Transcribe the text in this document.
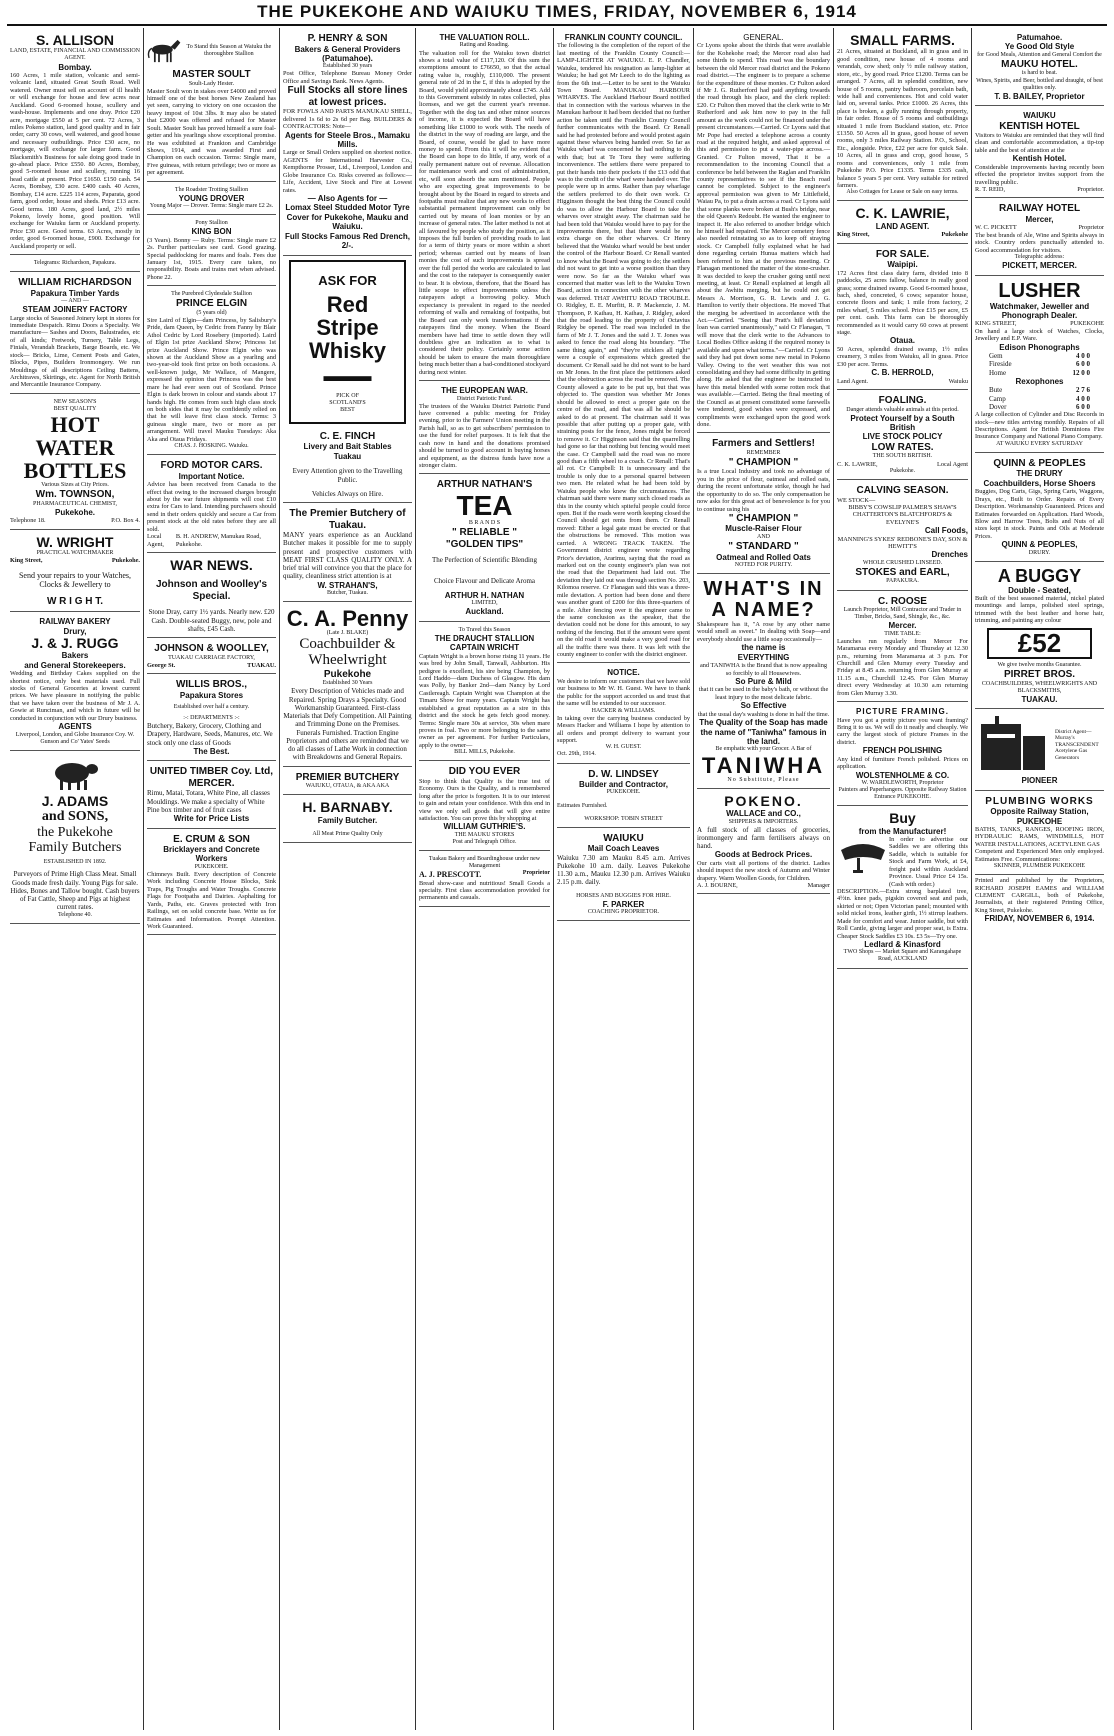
THE PUKEKOHE AND WAIUKU TIMES, FRIDAY, NOVEMBER 6, 1914
S. ALLISON
LAND, ESTATE, FINANCIAL AND COMMISSION AGENT.
Bombay.
160 Acres, 1 mile station, volcanic and semi-volcanic land, situated Great South Road. Well watered. Owner must sell on account of ill health or will exchange for house and few acres near Auckland. Good 6-roomed house, scullery and wash-house. Implements and one dray. Price £20 acre, mortgage £550 at 5 per cent. 72 Acres, 3 miles Pokeno station, land good quality and in fair order, carry 30 cows, well watered, and good house and necessary outbuildings. Price £30 acre, no mortgage, will exchange for larger farm. Good Blacksmith's Business for sale doing good trade in go-ahead place. Price £550. 80 Acres, Bombay, good 5-roomed house and scullery, running 16 head cattle at present. Price £1650. £150 cash. 54 Acres, Bombay, £30 acre. £400 cash. 40 Acres, Bombay, £14 acre. £225 114 acres, Paparata, good farm, good order, house and sheds. Price £13 acre. Good terms. 180 Acres, good land, 2½ miles Pokeno, lovely home, good position. Will exchange for Waiuku farm or Auckland property. Price £30 acre. Good terms. 63 Acres, mostly in order, good 6-roomed house, £900. Exchange for Auckland property or sell.
Telegrams: Richardson, Papakura.
WILLIAM RICHARDSON
Papakura Timber Yards
— AND —
STEAM JOINERY FACTORY
Large stocks of Seasoned Joinery kept in stores for immediate Despatch. Rimu Doors a Specialty. We manufacture— Sashes and Doors, Balustrades, etc of all kinds; Fretwork, Turnery, Table Legs, Finials, Verandah Brackets, Barge Boards, etc. We stock— Bricks, Lime, Cement Posts and Gates, Blocks, Pipes, Builders Ironmongery. We run Mouldings of all descriptions Ceiling Battens, Architraves, Skirtings, etc. Agent for North British and Mercantile Insurance Company.
NEW SEASON'S
BEST QUALITY
HOT
WATER
BOTTLES
Various Sizes at City Prices.
Wm. TOWNSON,
PHARMACEUTICAL CHEMIST,
Pukekohe.
Telephone 18.	P.O. Box 4.
W. WRIGHT
PRACTICAL WATCHMAKER
King Street,	Pukekohe.
Send your repairs to your Watches, Clocks & Jewellery to
W R I G H T.
RAILWAY BAKERY
Drury,
J. & J. RUGG
Bakers
and General Storekeepers.
Wedding and Birthday Cakes supplied on the shortest notice, only best materials used. Full stocks of General Groceries at lowest current prices. We have pleasure in notifying the public that we have taken over the business of Mr J. A. Gowie at Runciman, and which in future will be conducted in conjunction with our Drury business.
AGENTS
Liverpool, London, and Globe Insurance Coy. W. Gunson and Co' Yates' Seeds
J. ADAMS
and SONS,
the Pukekohe
Family Butchers
ESTABLISHED IN 1892.
Purveyors of Prime High Class Meat. Small Goods made fresh daily. Young Pigs for sale. Hides, Bones and Tallow bought. Cash buyers of Fat Cattle, Sheep and Pigs at highest current rates.
Telephone 40.
To Stand this Season at Waiuku the thoroughbre Stallion
MASTER SOULT
Soult-Lady Hester.
Master Soult won in stakes over £4000 and proved himself one of the best horses New Zealand has yet seen, carrying to victory on one occasion the heavy impost of 10st 3lbs. It may also be stated that £2000 was offered and refused for Master Soult. Master Soult has proved himself a sure foal-getter and his yearlings show exceptional promise. He was exhibited at Frankton and Cambridge Shows, 1914, and was awarded First and Champion on each occasion. Terms: Single mare, Five guineas, with return privilege; two or more as per agreement.
The Roadster Trotting Stallion
YOUNG DROVER
Young Major — Drover. Terms: Single mare £2 2s.
Pony Stallion
KING BON
(3 Years). Bonny — Ruby. Terms: Single mare £2 2s. Further particulars see card. Good grazing. Special paddocking for mares and foals. Fees due January 1st, 1915. Every care taken, no responsibility. Boats and trains met when advised. Phone 22.
The Purebred Clydesdale Stallion
PRINCE ELGIN
(5 years old)
Sire Laird of Elgin—dam Princess, by Salisbury's Pride, dam Queen, by Cedric from Fanny by Blair Athol Cedric by Lord Rosebery (imported). Laird of Elgin 1st prize Auckland Show; Princess 1st prize Auckland Show. Prince Elgin who was shown at the Auckland Show as a yearling and two-year-old took first prize on both occasions. A well-known judge, Mr Wallace, of Mangere, expressed the opinion that Princess was the best mare he had ever seen out of Scotland. Prince Elgin is dark brown in colour and stands about 17 hands high. He comes from such high class stock on both sides that it may be confidently relied on that he will leave first class stock. Terms: 3 guineas single mare, two or more as per arrangement. Will travel Mauku Tuesdays: Aka Aka and Otaua Fridays.
CHAS. J. HOSKING. Waiuku.
FORD MOTOR CARS.
Important Notice.
Advice has been received from Canada to the effect that owing to the increased charges brought about by the war future shipments will cost £10 extra for Cars to land. Intending purchasers should send in their orders quickly and secure a Car from present stock at the old rates before they are all sold.
Local Agent,
B. H. ANDREW, Manukau Road, Pukekohe.
WAR NEWS.
Johnson and Woolley's Special.
Stone Dray, carry 1½ yards. Nearly new. £20 Cash. Double-seated Buggy, new, pole and shafts, £45 Cash.
JOHNSON & WOOLLEY,
TUAKAU CARRIAGE FACTORY,
George St.	TUAKAU.
WILLIS BROS.,
Papakura Stores
Established over half a century.
:-: DEPARTMENTS :-:
Butchery, Bakery, Grocery, Clothing and Drapery, Hardware, Seeds, Manures, etc. We stock only one class of Goods
The Best.
UNITED TIMBER Coy. Ltd,
MERCER.
Rimu, Matai, Totara, White Pine, all classes Mouldings. We make a specialty of White Pine box timber and of fruit cases
Write for Price Lists
E. CRUM & SON
Bricklayers and Concrete Workers
PUKEKOHE.
Chimneys Built. Every description of Concrete Work including Concrete House Blocks, Sink Traps, Pig Troughs and Water Troughs. Concrete Flags for Footpaths and Dairies. Asphalting for Yards, Paths, etc. Graves protected with Iron Railings, set on solid concrete base. Write us for Estimates and Information. Prompt Attention. Work Guaranteed.
P. HENRY & SON
Bakers & General Providers
(Patumahoe).
Established 30 years
Post Office, Telephone Bureau Money Order Office and Savings Bank. News Agents.
Full Stocks all store lines at lowest prices.
FOR FOWLS AND PARTS MANUKAU SHELL, delivered 1s 6d to 2s 6d per Bag. BUILDERS & CONTRACTORS: Note—
Agents for Steele Bros., Mamaku Mills.
Large or Small Orders supplied on shortest notice. AGENTS for International Harvester Co., Kempthorne Prosser, Ltd., Liverpool, London and Globe Insurance Co. Risks covered as follows:—Life, Accident, Live Stock and Fire at Lowest rates.
— Also Agents for —
Lomax Steel Studded Motor Tyre Cover for Pukekohe, Mauku and Waiuku.
Full Stocks Famous Red Drench, 2/-.
ASK FOR
Red Stripe
Whisky
▬▬▬
PICK OF
SCOTLAND'S
BEST
C. E. FINCH
Livery and Bait Stables
Tuakau
Every Attention given to the Travelling Public.
Vehicles Always on Hire.
The Premier Butchery of Tuakau.
MANY years experience as an Auckland Butcher makes it possible for me to supply present and prospective customers with MEAT FIRST CLASS QUALITY ONLY. A brief trial will convince you that the place for quality, cleanliness strict attention is at
W. STRAHAN'S,
Butcher, Tuakau.
C. A. Penny
(Late J. BLAKE)
Coachbuilder & Wheelwright
Pukekohe
Established 30 Years
Every Description of Vehicles made and Repaired. Spring Drays a Specialty. Good Workmanship Guaranteed. First-class Materials that Defy Competition. All Painting and Trimming Done on the Premises. Funerals Furnished. Traction Engine Proprietors and others are reminded that we do all classes of Lathe Work in connection with Breakdowns and General Repairs.
PREMIER BUTCHERY
WAIUKU, OTAUA, & AKA AKA
H. BARNABY.
Family Butcher.
All Meat Prime Quality Only
THE VALUATION ROLL.
Rating and Roading.
The valuation roll for the Waiuku town district shows a total value of £117,120. Of this sum the exemptions amount to £76650, so that the actual rating value is, roughly, £110,000. The present general rate of 2d in the £, if this is adopted by the Board, would yield approximately about £745. Add to this Government subsidy in rates collected, plus licenses, and we get the current year's revenue. Together with the dog tax and other minor sources of income, it is expected the Board will have something like £1000 to work with. The needs of the district in the way of roading are large, and the Board, of course, would be glad to have more money to spend. From this it will be evident that the Board can hope to do little, if any, work of a really permanent nature out of revenue. Allocation for maintenance work and cost of administration, etc, will soon absorb the sum mentioned. People who are expecting great improvements to be brought about by the Board in regard to streets and footpaths must realize that any new works to effect substantial permanent improvement can only be carried out by means of loan monies or by an increase of general rates. The latter method is not at all favoured by people who study the position, as it imposes the full burden of providing roads to last for a term of thirty years or more within a short period; whereas carried out by means of loan monies the cost of such improvements is spread over the full period the works are calculated to last and the cost to the ratepayer is consequently easier to bear. It is obvious, therefore, that the Board has little scope to effect improvements unless the ratepayers adopt a borrowing policy. Much expectancy is prevalent in regard to the needed reforming of walls and remaking of footpaths, but the Board can only work transformations if the ratepayers find the money. When the Board members have had time to settle down they will doubtless give an indication as to what is considered their policy. Certainly some action should be taken to ensure the main thoroughfare being much better than a bad-conditioned stockyard during next winter.
THE EUROPEAN WAR.
District Patriotic Fund.
The trustees of the Waiuku District Patriotic Fund have convened a public meeting for Friday evening, prior to the Farmers' Union meeting in the Parish hall, so as to get subscribers' permission to use the fund for relief purposes. It is felt that the cash now in hand and the donations promised should be turned to good account in buying horses and equipment, as the distress funds have now a stronger claim.
ARTHUR NATHAN'S
TEA
B R A N D S
" RELIABLE "
"GOLDEN TIPS"
The Perfection of Scientific Blending
Choice Flavour and Delicate Aroma
ARTHUR H. NATHAN
LIMITED,
Auckland.
To Travel this Season
THE DRAUCHT STALLION
CAPTAIN WRICHT
Captain Wright is a brown horse rising 11 years. He was bred by John Small, Tanwall, Ashburton. His pedigree is excellent, his sire being Champion, by Lord Haddo—dam Duchess of Glasgow. His dam was Polly, by Banker 2nd—dam Nancy by Lord Castlereagh. Captain Wright was Champion at the Timaru Show for many years. Captain Wright has established a great reputation as a sire in this district and the stock he gets fetch good money. Terms: Single mare 30s at service, 30s when mare proves in foal. Two or more belonging to the same owner as per agreement. For further Particulars, apply to the owner—
BILL MILLS, Pukekohe.
DID YOU EVER
Stop to think that Quality is the true test of Economy. Ours is the Quality, and is remembered long after the price is forgotten. It is to our interest to gain and retain your confidence. With this end in view we only sell goods that will give entire satisfaction. You can prove this by shopping at
WILLIAM GUTHRIE'S.
THE MAUKU STORES
Post and Telegraph Office.
Tuakau Bakery and Boardinghouse under new Management
A. J. PRESCOTT.	Proprietor
Bread show-case and nutritious! Small Goods a specialty. First class accommodation provided for permanents and casuals.
FRANKLIN COUNTY COUNCIL.
The following is the completion of the report of the last meeting of the Franklin County Council:— LAMP-LIGHTER AT WAIUKU. E. P. Chandler, Waiuku, tendered his resignation as lamp-lighter at Waiuku; he had got Mr Leech to do the lighting as from the 6th inst.—Letter to be sent to the Waiuku Town Board. MANUKAU HARBOUR WHARVES. The Auckland Harbour Board notified that in connection with the various wharves in the Manukau harbour it had been decided that no further action be taken until the Franklin County Council further communicates with the Board. Cr Renall said he had protested before and would protest again against these wharves being handed over. So far as Waiuku wharf was concerned he had nothing to do with that; but at Te Toru they were suffering inconvenience. The settlers there were prepared to put their hands into their pockets if the £13 odd that was to the credit of the wharf were handed over. The people were up in arms. Rather than pay wharfage the settlers preferred to do their own work. Cr Higginson thought the best thing the Council could do was to allow the Harbour Board to take the wharves over straight away. The chairman said he had been told that Waiuku would have to pay for the improvements there, but that there would be no extra charge on the other wharves. Cr Henry believed that the Waiuku wharf would be best under the control of the Harbour Board. Cr Renall wanted to know what the Board was going to do; the settlers did not want to get into a worse position than they were now. So far as the Waiuku wharf was concerned that matter was left to the Waiuku Town Board, action in connection with the other wharves was deferred. THAT AWHITU ROAD TROUBLE. O. Ridgley, E. E. Murfitt, R. P. Mackenzie, J. M. Thompson, P. Kaihau, H. Kaihau, J. Ridgley, asked that the road leading to the property of Octavius Ridgley be opened. The road was included in the farm of Mr J. T. Jones and the said J. T. Jones was asked to fence the road along his boundary. "The same thing again," and "they're sticklers all right" were a couple of expressions which greeted the document. Cr Renall said he did not want to be hard on Mr Jones. In the first place the petitioners asked that the obstruction across the road be removed. The County allowed a gate to be put up, but that was objected to. The question was whether Mr Jones should be allowed to erect a proper gate on the centre of the road, and that was all he should be asked to do at present. The chairman said it was possible that after putting up a proper gate, with straining posts for the fence, Jones might be forced to remove it. Cr Higginson said that the quarrelling had gone so far that nothing but fencing would meet the case. Cr Campbell said the road was no more good than a fifth wheel to a coach. Cr Renall: That's all rot. Cr Campbell: It is unnecessary and the trouble is only due to a personal quarrel between two men. He related what he had been told by Waiuku people who knew the circumstances. The chairman said there were many such closed roads as this in the county which spiteful people could force open. But if the roads were worth keeping closed the Council should get rents from them. Cr Renall moved: Either a legal gate must be erected or that the obstructions be removed. This motion was carried. A WRONG TRACK TAKEN. The Government district engineer wrote regarding Price's deviation, Ararimu, saying that the road as marked out on the county engineer's plan was not the road that the Department had laid out. The deviation they laid out was through section No. 203, Kilomoa reserve. Cr Flanagan said this was a three-mile deviation. A portion had been done and there was another grant of £200 for this three-quarters of a mile. After fencing over it the engineer came to the same conclusion as the speaker, that the deviation could not be done for this amount, to say nothing of the fencing. But if the amount were spent on the old road it would make a very good road for all the traffic there was there. It was left with the county engineer to confer with the district engineer.
NOTICE.
We desire to inform our customers that we have sold our business to Mr W. H. Guest. We have to thank the public for the support accorded us and trust that the same will be extended to our successor.
HACKER & WILLIAMS.
In taking over the carrying business conducted by Messrs Hacker and Williams I hope by attention to all orders and prompt delivery to warrant your support.
W. H. GUEST.
Oct. 29th, 1914.
D. W. LINDSEY
Builder and Contractor,
PUKEKOHE.
Estimates Furnished.
WORKSHOP: TOBIN STREET
WAIUKU
Mail Coach Leaves
Waiuku 7.30 am Mauku 8.45 a.m. Arrives Pukekohe 10 a.m. daily. Leaves Pukekohe 11.30 a.m., Mauku 12.30 p.m. Arrives Waiuku 2.15 p.m. daily.
HORSES AND BUGGIES FOR HIRE.
F. PARKER
COACHING PROPRIETOR.
GENERAL.
Cr Lyons spoke about the thirds that were available for the Kohekohe road; the Mercer road also had some thirds to spend. This road was the boundary between the old Mercer road district and the Pokeno road district.—The engineer is to prepare a scheme for the expenditure of these monies. Cr Fulton asked if Mr J. G. Rutherford had paid anything towards the road through his place, and the clerk replied: £20. Cr Fulton then moved that the clerk write to Mr Rutherford and ask him now to pay in the full amount as the work could not be financed under the present circumstances.—Carried. Cr Lyons said that Mr Pope had erected a telephone across a county road at the required height, and asked approval of this and permission to put a water-pipe across.—Granted. Cr Fulton moved, That it be a recommendation to the incoming Council that a conference be held between the Raglan and Franklin county representatives to see if the Beach road cannot be completed. Subject to the engineer's approval permission was given to Mr Littlefield, Waiau Pa, to put a drain across a road. Cr Lyons said that some planks were broken at Bush's bridge, near the old Queen's Redoubt. He wanted the engineer to inspect it. He also referred to another bridge which he himself had repaired. The Mercer cemetery fence also needed reinstating so as to keep off straying stock. Cr Campbell fully explained what he had done regarding certain Hunua matters which had been referred to him at the previous meeting. Cr Flanagan mentioned the matter of the stone-crusher. It was decided to keep the crusher going until next meeting, at least. Cr Renall explained at length all about the Awhitu merging, but he could not get Messrs A. Morrison, G. R. Lewis and J. G. Hamilton to verify their objections. He moved That the merging be advertised in accordance with the Act.—Carried. "Seeing that Pratt's hill deviation loan was carried unanimously," said Cr Flanagan, "I will move that the clerk write to the Advances to Local Bodies Office asking if the required money is available and upon what terms."—Carried. Cr Lyons said they had put down some new metal in Pokeno Valley. Owing to the wet weather this was not consolidating and they had some difficulty in getting along. He asked that the engineer be instructed to have this metal blended with some rotten rock that was available.—Carried. Being the final meeting of the Council as at present constituted some farewells were tendered, good wishes were expressed, and compliments were exchanged upon the good work done.
Farmers and Settlers!
REMEMBER
" CHAMPION "
Is a true Local Industry and took no advantage of you in the price of flour, oatmeal and rolled oats, during the recent unfortunate strike, though he had the opportunity to do so. The only compensation he now asks for this great act of benevolence is for you to continue using his
" CHAMPION "
Muscle-Raiser Flour
AND
" STANDARD "
Oatmeal and Rolled Oats
NOTED FOR PURITY.
WHAT'S IN
A NAME?
Shakespeare has it, "A rose by any other name would smell as sweet." In dealing with Soap—and everybody should use a little soap occasionally—
the name is
EVERYTHING
and TANIWHA is the Brand that is now appealing so forcibly to all Housewives.
So Pure & Mild
that it can be used in the baby's bath, or without the least injury to the most delicate fabric.
So Effective
that the usual day's washing is done in half the time.
The Quality of the Soap has made the name of "Taniwha" famous in the land.
Be emphatic with your Grocer. A Bar of
TANIWHA
No Substitute, Please
POKENO.
WALLACE and CO.,
SHIPPERS & IMPORTERS.
A full stock of all classes of groceries, ironmongery and farm fertilisers always on hand.
Goods at Bedrock Prices.
Our carts visit all portions of the district. Ladies should inspect the new stock of Autumn and Winter drapery. Warm Woollen Goods, for Children.
A. J. BOURNE,	Manager
SMALL FARMS.
21 Acres, situated at Buckland, all in grass and in good condition, new house of 4 rooms and verandah, cow shed; only ½ mile railway station, store, etc., by good road. Price £1200. Terms can be arranged. 7 Acres, all in splendid condition, new house of 5 rooms, pantry bathroom, porcelain bath, wide hall and conveniences. Hot and cold water laid on, several tanks. Price £1000. 26 Acres, this place is broken, a gully running through property, in fair order. House of 5 rooms and outbuildings situated 1 mile from Buckland station, etc. Price £1350. 50 Acres all in grass, good house of seven rooms, only 3 miles Railway Station. P.O., School, Etc., alongside. Price, £22 per acre for quick Sale. 10 Acres, all in grass and crop, good house, 5 rooms and conveniences, only 1 mile from Pukekohe P.O. Price £1335. Terms £335 cash, balance 5 years 5 per cent. Very suitable for retired farmers.
Also Cottages for Lease or Sale on easy terms.
C. K. LAWRIE,
LAND AGENT.
King Street,	Pukekohe
FOR SALE.
Waipipi.
172 Acres first class dairy farm, divided into 8 paddocks, 25 acres fallow, balance in really good grass; some drained swamp. Good 6-roomed house, bach, shed, concreted, 6 cows; separator house, concrete floors and tank; 1 mile from factory, 2 miles wharf, 5 miles school. Price £15 per acre, £5 per cent. cash. This farm can be thoroughly recommended as it would carry 60 cows at present stage.
Otaua.
50 Acres, splendid drained swamp, 1½ miles creamery, 3 miles from Waiuku, all in grass. Price £30 per acre. Terms.
C. B. HERROLD,
Land Agent.	Waiuku
FOALING.
Danger attends valuable animals at this period.
Protect Yourself by a South British
LIVE STOCK POLICY
LOW RATES.
THE SOUTH BRITISH.
C. K. LAWRIE,	Local Agent
Pukekohe.
CALVING SEASON.
WE STOCK—
BIBBY'S COWSLIP PALMER'S SHAW'S CHATTERTON'S BLATCHFORD'S & EVELYNE'S
Call Foods,
MANNING'S SYKES' REDBONE'S DAY, SON & HEWITT'S
Drenches
WHOLE CRUSHED LINSEED.
STOKES and EARL,
PAPAKURA.
C. ROOSE
Launch Proprietor, Mill Contractor and Trader in Timber, Bricks, Sand, Shingle, &c., &c.
Mercer.
TIME TABLE:
Launches run regularly from Mercer For Maramarua every Monday and Thursday at 12.30 p.m., returning from Maramarua at 3 p.m. For Churchill and Glen Murray every Tuesday and Friday at 8.45 a.m. returning from Glen Murray at 11.15 a.m., Churchill 12.45. For Glen Murray direct every Wednesday at 10.30 a.m returning from Glen Murray 3.30.
PICTURE FRAMING.
Have you got a pretty picture you want framing? Bring it to us. We will do it neatly and cheaply. We carry the largest stock of picture Frames in the district.
FRENCH POLISHING
Any kind of furniture French polished. Prices on application.
WOLSTENHOLME & CO.
W. WARDLEWORTH, Proprietor
Painters and Paperhangers. Opposite Railway Station Entrance PUKEKOHE.
Buy
from the Manufacturer!
In order to advertise our Saddles we are offering this Saddle, which is suitable for Stock and Farm Work, at £4, freight paid within Auckland Province. Usual Price £4 15s. (Cash with order.)
DESCRIPTION.—Extra strong barplated tree, 4½in. knee pads, pigskin covered seat and pads, skirted or not; Open Victorian panel; mounted with solid nickel irons, leather girth, 1½ stirrup leathers. Made for comfort and wear. Junior saddle, but with Roll Cantle, giving larger and proper seat, is Extra. Cheaper Stock Saddles £3 10s. £3 5s—Try one.
Ledlard & Kinasford
TWO Shops — Market Square and Karangahape Road, AUCKLAND
Patumahoe.
Ye Good Old Style
for Good Meals, Attention and General Comfort the
MAUKU HOTEL.
is hard to beat.
Wines, Spirits, and Beer, bottled and draught, of best qualities only.
T. B. BAILEY, Proprietor
WAIUKU
KENTISH HOTEL
Visitors to Waiuku are reminded that they will find clean and comfortable accommodation, a tip-top table and the best of attention at the
Kentish Hotel.
Considerable improvements having recently been effected the proprietor invites support from the travelling public.
R. T. REID,	Proprietor.
RAILWAY HOTEL
Mercer,
W. C. PICKETT	Proprietor
The best brands of Ale, Wine and Spirits always in stock. Country orders punctually attended to. Good accommodation for visitors.
Telegraphic address:
PICKETT, MERCER.
LUSHER
Watchmaker, Jeweller and Phonograph Dealer.
KING STREET,	PUKEKOHE
On hand a large stock of Watches, Clocks, Jewellery and E.P. Ware.
Edison Phonographs
Gem	4 0 0
Fireside	6 0 0
Home	12 0 0
Rexophones
Bute	2 7 6
Camp	4 0 0
Dover	6 0 0
A large collection of Cylinder and Disc Records in stock—new titles arriving monthly. Repairs of all Descriptions. Agent for British Dominions Fire Insurance Company and National Piano Company.
AT WAIUKU EVERY SATURDAY
QUINN & PEOPLES
THE DRURY
Coachbuilders, Horse Shoers
Buggies, Dog Carts, Gigs, Spring Carts, Waggons, Drays, etc., Built to Order. Repairs of Every Description. Workmanship Guaranteed. Prices and Estimates forwarded on Application. Hard Woods, Blow and Harrow Trees, Bolts and Nuts of all sizes kept in stock. Paints and Oils at Moderate Prices.
QUINN & PEOPLES,
DRURY.
A BUGGY
Double - Seated,
Built of the best seasoned material, nickel plated mountings and lamps, polished steel springs, trimmed with the best leather and horse hair, trimming, and painting any colour
£52
We give twelve months Guarantee.
PIRRET BROS.
COACHBUILDERS, WHEELWRIGHTS AND BLACKSMITHS,
TUAKAU.
District Agent— Murray's TRANSCENDENT Acetylene Gas Generators
PIONEER
PLUMBING WORKS
Opposite Railway Station, PUKEKOHE
BATHS, TANKS, RANGES, ROOFING IRON, HYDRAULIC RAMS, WINDMILLS, HOT WATER INSTALLATIONS, ACETYLENE GAS
Competent and Experienced Men only employed. Estimates Free. Communications:
SKINNER, PLUMBER PUKEKOHE
Printed and published by the Proprietors, RICHARD JOSEPH EAMES and WILLIAM CLEMENT CARGILL, both of Pukekohe, Journalists, at their registered Printing Office, King Street, Pukekohe.
FRIDAY, NOVEMBER 6, 1914.
